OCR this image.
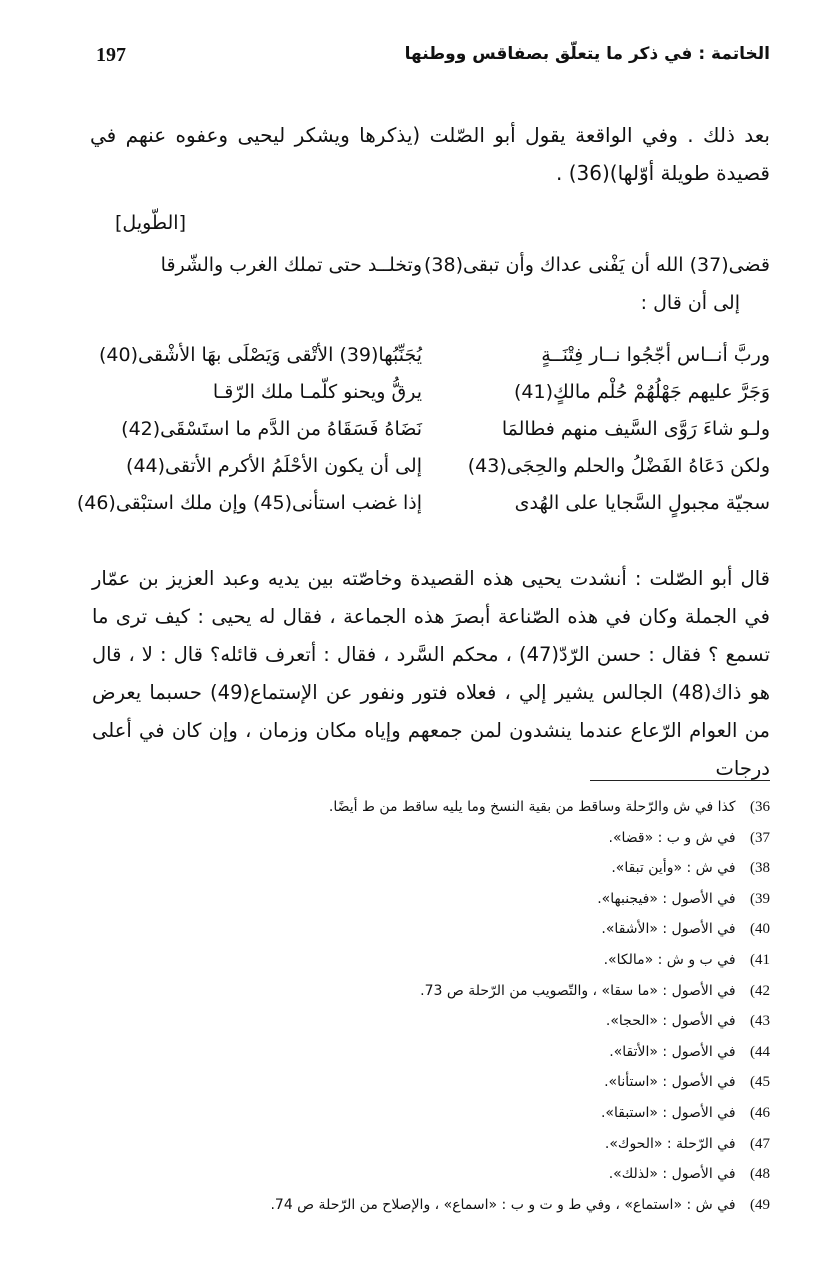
197	الخاتمة : في ذكر ما يتعلّق بصفاقس ووطنها
بعد ذلك . وفي الواقعة يقول أبو الصّلت (يذكرها ويشكر ليحيى وعفوه عنهم في قصيدة طويلة أوّلها)(36) .
[الطّويل]
قضى(37) الله أن يَفْنى عداك وأن تبقى(38)
وتخلــد حتى تملك الغرب والشّرقا
إلى أن قال :
وربَّ أنــاس أجّجُوا نــار فِتْنَــةٍ
يُجَنِّبُها(39) الأتْقى وَيَصْلَى بهَا الأشْقى(40)
وَجَرَّ عليهم جَهْلُهُمْ حُلْم مالكٍ(41)
يرقُّ ويحنو كلّمـا ملك الرّقـا
ولـو شاءَ رَوَّى السَّيف منهم فطالمَا
نَضَاهُ فَسَقَاهُ من الدَّم ما استَسْقَى(42)
ولكن دَعَاهُ الفَضْلُ والحلم والحِجَى(43)
إلى أن يكون الأحْلَمُ الأكرم الأتقى(44)
سجيّة مجبولٍ السَّجايا على الهُدى
إذا غضب استأنى(45) وإن ملك استبْقى(46)
قال أبو الصّلت : أنشدت يحيى هذه القصيدة وخاصّته بين يديه وعبد العزيز بن عمّار في الجملة وكان في هذه الصّناعة أبصرَ هذه الجماعة ، فقال له يحيى : كيف ترى ما تسمع ؟ فقال : حسن الرّدّ(47) ، محكم السَّرد ، فقال : أتعرف قائله؟ قال : لا ، قال هو ذاك(48) الجالس يشير إلي ، فعلاه فتور ونفور عن الإستماع(49) حسبما يعرض من العوام الرّعاع عندما ينشدون لمن جمعهم وإياه مكان وزمان ، وإن كان في أعلى درجات
36) كذا في ش والرّحلة وساقط من بقية النسخ وما يليه ساقط من ط أيضًا.
37) في ش و ب : «قضا».
38) في ش : «وأين تبقا».
39) في الأصول : «فيجنبها».
40) في الأصول : «الأشقا».
41) في ب و ش : «مالكا».
42) في الأصول : «ما سقا» ، والتّصويب من الرّحلة ص 73.
43) في الأصول : «الحجا».
44) في الأصول : «الأتقا».
45) في الأصول : «استأنا».
46) في الأصول : «استبقا».
47) في الرّحلة : «الحوك».
48) في الأصول : «لذلك».
49) في ش : «استماع» ، وفي ط و ت و ب : «اسماع» ، والإصلاح من الرّحلة ص 74.
